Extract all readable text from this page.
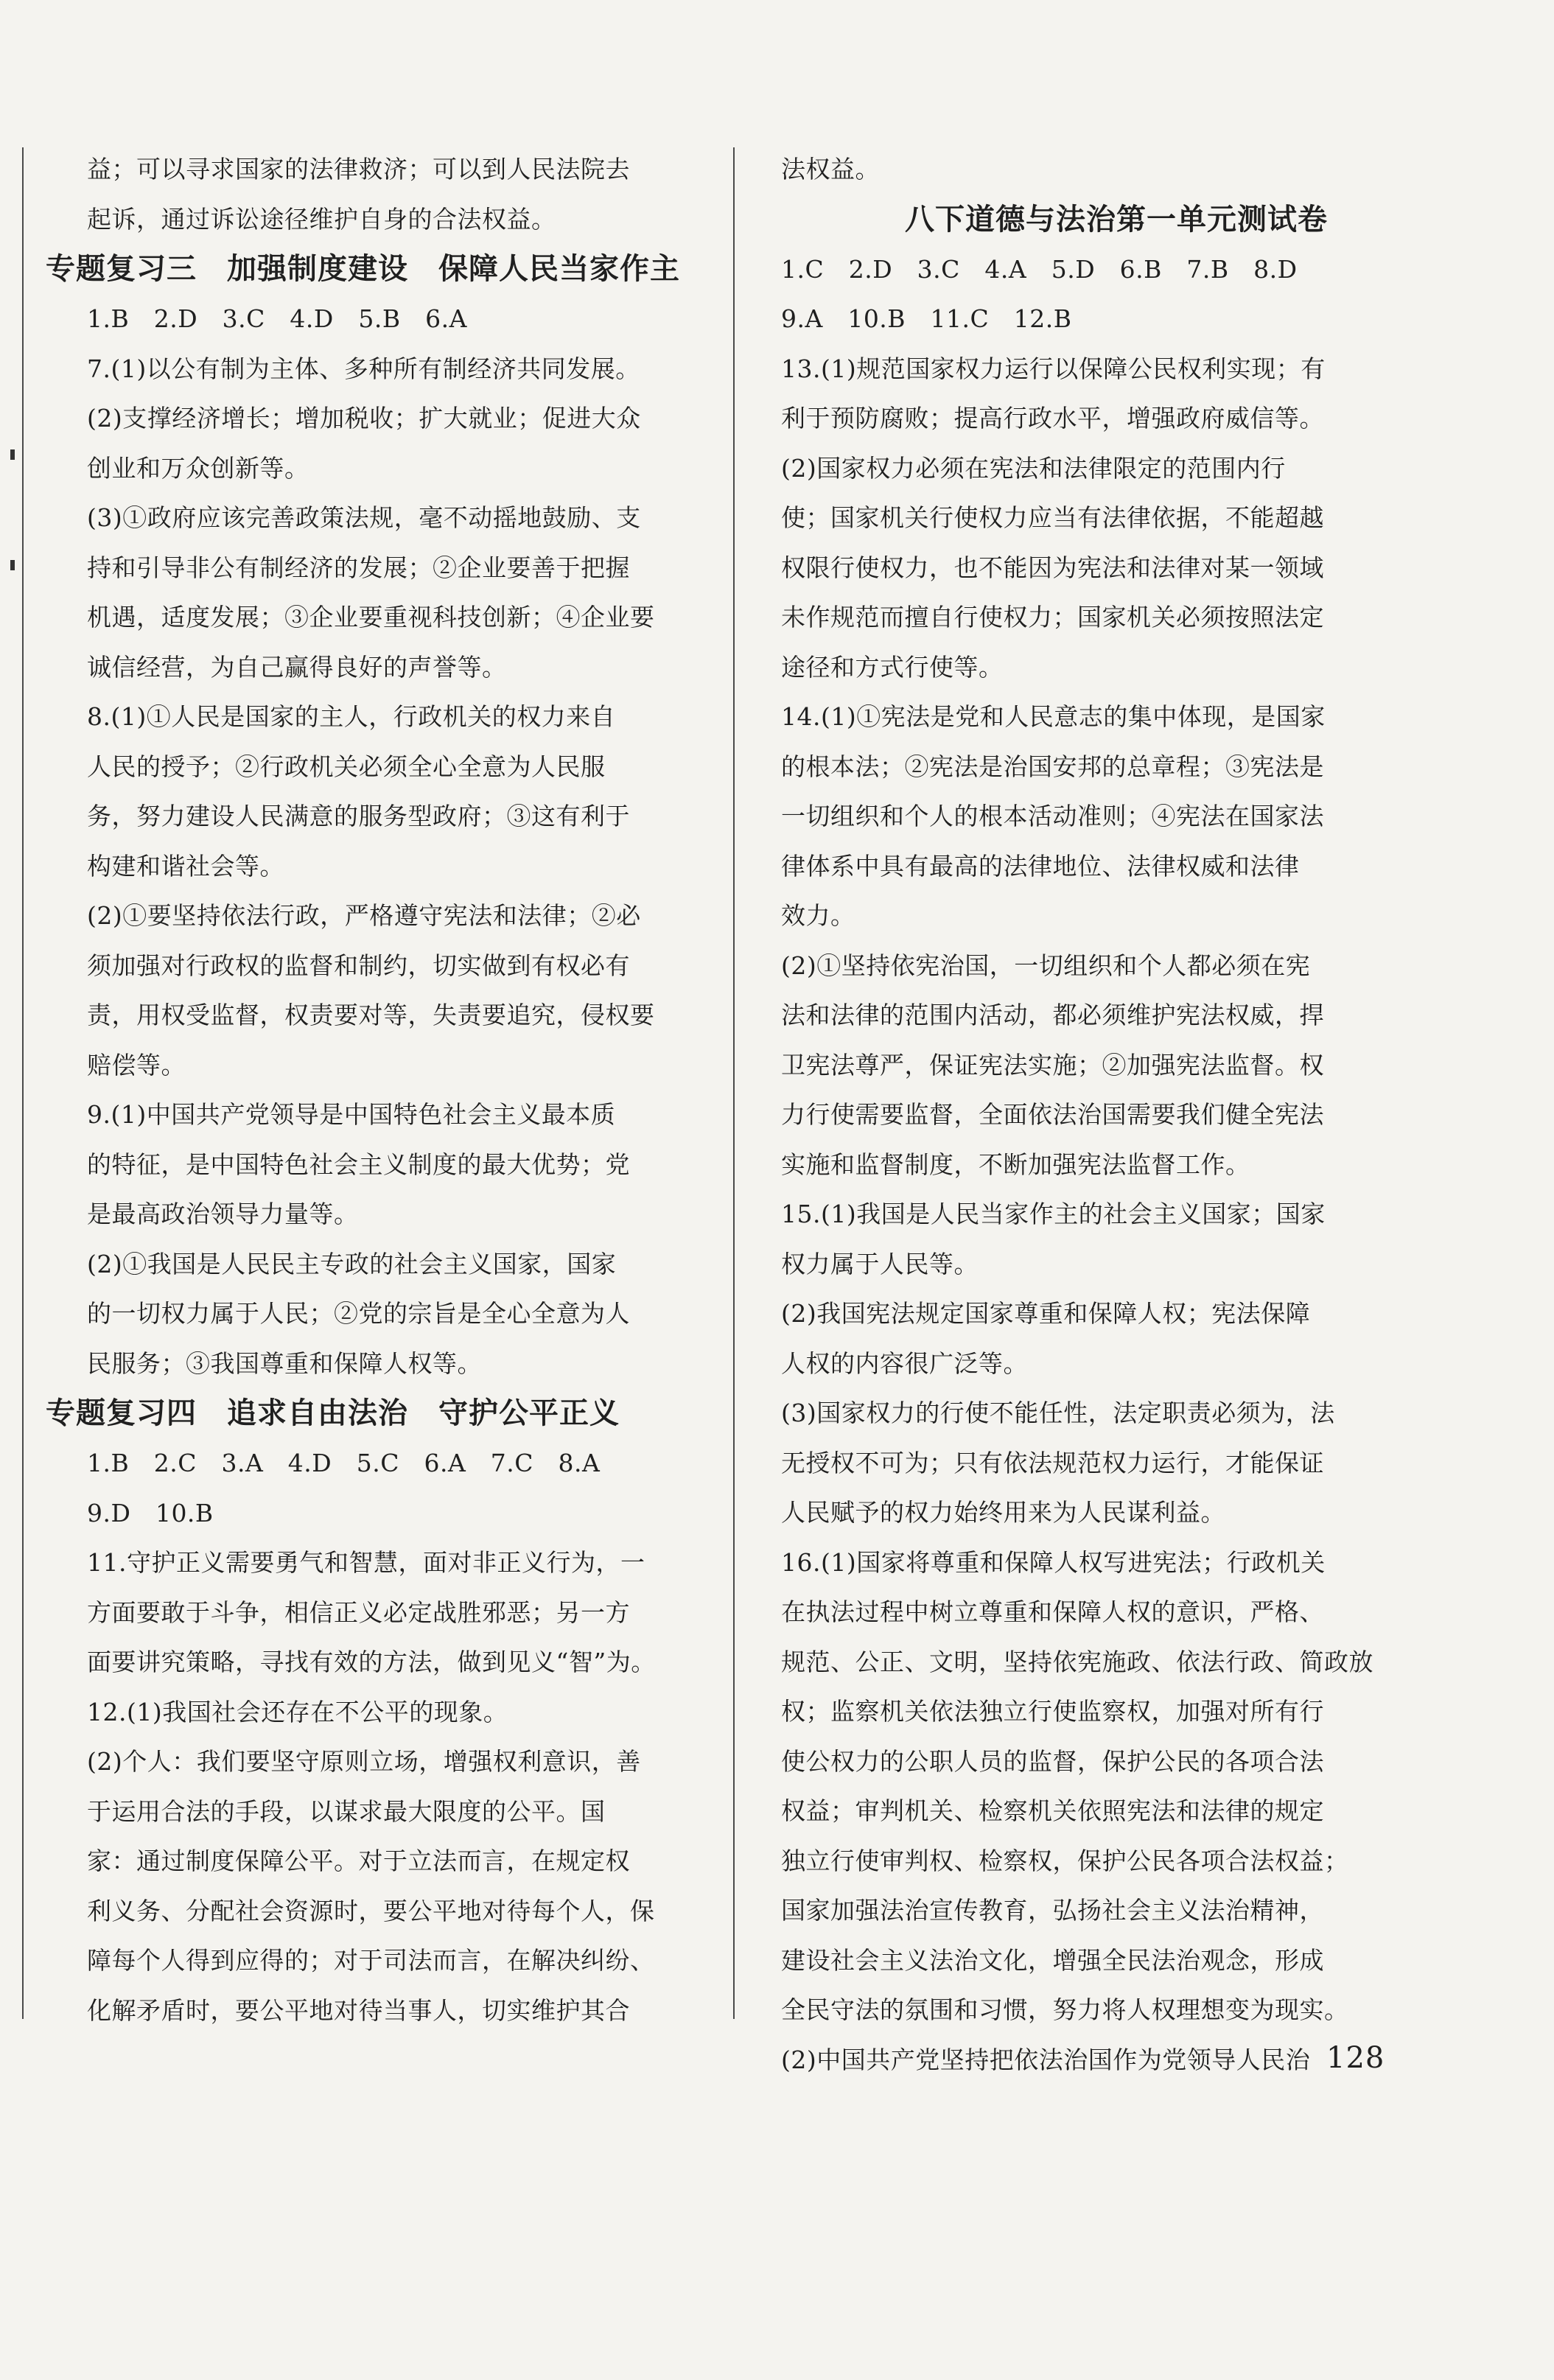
益；可以寻求国家的法律救济；可以到人民法院去
起诉，通过诉讼途径维护自身的合法权益。
专题复习三　加强制度建设　保障人民当家作主
1.B　2.D　3.C　4.D　5.B　6.A
7.(1)以公有制为主体、多种所有制经济共同发展。
(2)支撑经济增长；增加税收；扩大就业；促进大众
创业和万众创新等。
(3)①政府应该完善政策法规，毫不动摇地鼓励、支
持和引导非公有制经济的发展；②企业要善于把握
机遇，适度发展；③企业要重视科技创新；④企业要
诚信经营，为自己赢得良好的声誉等。
8.(1)①人民是国家的主人，行政机关的权力来自
人民的授予；②行政机关必须全心全意为人民服
务，努力建设人民满意的服务型政府；③这有利于
构建和谐社会等。
(2)①要坚持依法行政，严格遵守宪法和法律；②必
须加强对行政权的监督和制约，切实做到有权必有
责，用权受监督，权责要对等，失责要追究，侵权要
赔偿等。
9.(1)中国共产党领导是中国特色社会主义最本质
的特征，是中国特色社会主义制度的最大优势；党
是最高政治领导力量等。
(2)①我国是人民民主专政的社会主义国家，国家
的一切权力属于人民；②党的宗旨是全心全意为人
民服务；③我国尊重和保障人权等。
专题复习四　追求自由法治　守护公平正义
1.B　2.C　3.A　4.D　5.C　6.A　7.C　8.A
9.D　10.B
11.守护正义需要勇气和智慧，面对非正义行为，一
方面要敢于斗争，相信正义必定战胜邪恶；另一方
面要讲究策略，寻找有效的方法，做到见义“智”为。
12.(1)我国社会还存在不公平的现象。
(2)个人：我们要坚守原则立场，增强权利意识，善
于运用合法的手段，以谋求最大限度的公平。国
家：通过制度保障公平。对于立法而言，在规定权
利义务、分配社会资源时，要公平地对待每个人，保
障每个人得到应得的；对于司法而言，在解决纠纷、
化解矛盾时，要公平地对待当事人，切实维护其合
法权益。
八下道德与法治第一单元测试卷
1.C　2.D　3.C　4.A　5.D　6.B　7.B　8.D
9.A　10.B　11.C　12.B
13.(1)规范国家权力运行以保障公民权利实现；有
利于预防腐败；提高行政水平，增强政府威信等。
(2)国家权力必须在宪法和法律限定的范围内行
使；国家机关行使权力应当有法律依据，不能超越
权限行使权力，也不能因为宪法和法律对某一领域
未作规范而擅自行使权力；国家机关必须按照法定
途径和方式行使等。
14.(1)①宪法是党和人民意志的集中体现，是国家
的根本法；②宪法是治国安邦的总章程；③宪法是
一切组织和个人的根本活动准则；④宪法在国家法
律体系中具有最高的法律地位、法律权威和法律
效力。
(2)①坚持依宪治国，一切组织和个人都必须在宪
法和法律的范围内活动，都必须维护宪法权威，捍
卫宪法尊严，保证宪法实施；②加强宪法监督。权
力行使需要监督，全面依法治国需要我们健全宪法
实施和监督制度，不断加强宪法监督工作。
15.(1)我国是人民当家作主的社会主义国家；国家
权力属于人民等。
(2)我国宪法规定国家尊重和保障人权；宪法保障
人权的内容很广泛等。
(3)国家权力的行使不能任性，法定职责必须为，法
无授权不可为；只有依法规范权力运行，才能保证
人民赋予的权力始终用来为人民谋利益。
16.(1)国家将尊重和保障人权写进宪法；行政机关
在执法过程中树立尊重和保障人权的意识，严格、
规范、公正、文明，坚持依宪施政、依法行政、简政放
权；监察机关依法独立行使监察权，加强对所有行
使公权力的公职人员的监督，保护公民的各项合法
权益；审判机关、检察机关依照宪法和法律的规定
独立行使审判权、检察权，保护公民各项合法权益；
国家加强法治宣传教育，弘扬社会主义法治精神，
建设社会主义法治文化，增强全民法治观念，形成
全民守法的氛围和习惯，努力将人权理想变为现实。
(2)中国共产党坚持把依法治国作为党领导人民治 128
